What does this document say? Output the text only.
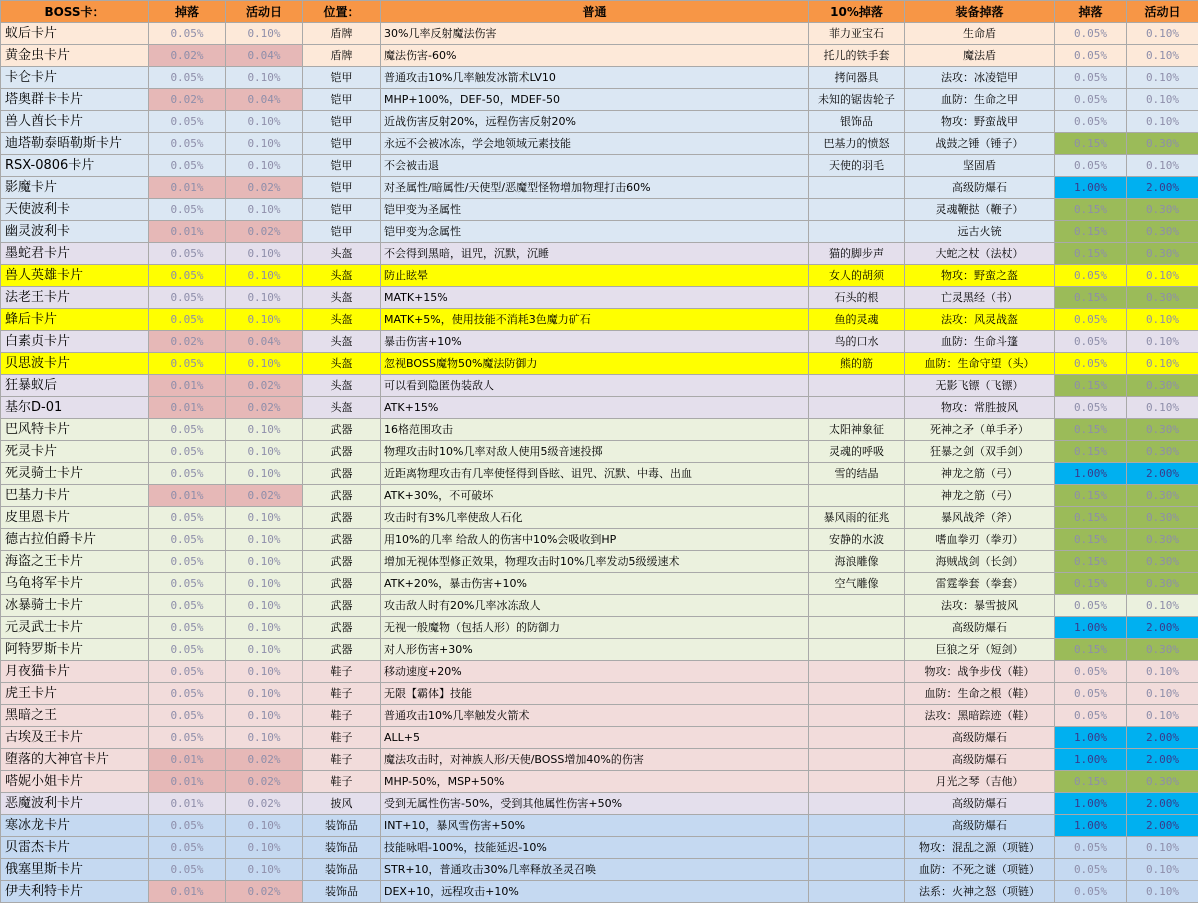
BOSS卡：	掉落	活动日	位置：	普通	10%掉落	装备掉落	掉落	活动日
蚁后卡片	0.05%	0.10%	盾牌	30%几率反射魔法伤害	菲力亚宝石	生命盾	0.05%	0.10%
黄金虫卡片	0.02%	0.04%	盾牌	魔法伤害-60%	托儿的铁手套	魔法盾	0.05%	0.10%
卡仑卡片	0.05%	0.10%	铠甲	普通攻击10%几率触发冰箭术LV10	拷问器具	法攻：冰凌铠甲	0.05%	0.10%
塔奥群卡卡片	0.02%	0.04%	铠甲	MHP+100%，DEF-50，MDEF-50	未知的锯齿轮子	血防：生命之甲	0.05%	0.10%
兽人酋长卡片	0.05%	0.10%	铠甲	近战伤害反射20%，远程伤害反射20%	银饰品	物攻：野蛮战甲	0.05%	0.10%
迪塔勒泰晤勒斯卡片	0.05%	0.10%	铠甲	永远不会被冰冻，学会地领域元素技能	巴基力的愤怒	战鼓之锤（锤子）	0.15%	0.30%
RSX-0806卡片	0.05%	0.10%	铠甲	不会被击退	天使的羽毛	坚固盾	0.05%	0.10%
影魔卡片	0.01%	0.02%	铠甲	对圣属性/暗属性/天使型/恶魔型怪物增加物理打击60%		高级防爆石	1.00%	2.00%
天使波利卡	0.05%	0.10%	铠甲	铠甲变为圣属性		灵魂鞭挞（鞭子）	0.15%	0.30%
幽灵波利卡	0.01%	0.02%	铠甲	铠甲变为念属性		远古火铳	0.15%	0.30%
墨蛇君卡片	0.05%	0.10%	头盔	不会得到黑暗，诅咒，沉默，沉睡	猫的脚步声	大蛇之杖（法杖）	0.15%	0.30%
兽人英雄卡片	0.05%	0.10%	头盔	防止眩晕	女人的胡须	物攻：野蛮之盔	0.05%	0.10%
法老王卡片	0.05%	0.10%	头盔	MATK+15%	石头的根	亡灵黑经（书）	0.15%	0.30%
蜂后卡片	0.05%	0.10%	头盔	MATK+5%，使用技能不消耗3色魔力矿石	鱼的灵魂	法攻：风灵战盔	0.05%	0.10%
白素贞卡片	0.02%	0.04%	头盔	暴击伤害+10%	鸟的口水	血防：生命斗篷	0.05%	0.10%
贝思波卡片	0.05%	0.10%	头盔	忽视BOSS魔物50%魔法防御力	熊的筋	血防：生命守望（头）	0.05%	0.10%
狂暴蚁后	0.01%	0.02%	头盔	可以看到隐匿伪装敌人		无影飞镖（飞镖）	0.15%	0.30%
基尔D-01	0.01%	0.02%	头盔	ATK+15%		物攻：常胜披风	0.05%	0.10%
巴风特卡片	0.05%	0.10%	武器	16格范围攻击	太阳神象征	死神之矛（单手矛）	0.15%	0.30%
死灵卡片	0.05%	0.10%	武器	物理攻击时10%几率对敌人使用5级音速投掷	灵魂的呼吸	狂暴之剑（双手剑）	0.15%	0.30%
死灵骑士卡片	0.05%	0.10%	武器	近距离物理攻击有几率使怪得到昏眩、诅咒、沉默、中毒、出血	雪的结晶	神龙之筋（弓）	1.00%	2.00%
巴基力卡片	0.01%	0.02%	武器	ATK+30%，不可破坏		神龙之筋（弓）	0.15%	0.30%
皮里恩卡片	0.05%	0.10%	武器	攻击时有3%几率使敌人石化	暴风雨的征兆	暴风战斧（斧）	0.15%	0.30%
德古拉伯爵卡片	0.05%	0.10%	武器	用10%的几率 给敌人的伤害中10%会吸收到HP	安静的水波	嗜血拳刃（拳刃）	0.15%	0.30%
海盗之王卡片	0.05%	0.10%	武器	增加无视体型修正效果，物理攻击时10%几率发动5级缓速术	海浪雕像	海贼战剑（长剑）	0.15%	0.30%
乌龟将军卡片	0.05%	0.10%	武器	ATK+20%，暴击伤害+10%	空气雕像	雷霆拳套（拳套）	0.15%	0.30%
冰暴骑士卡片	0.05%	0.10%	武器	攻击敌人时有20%几率冰冻敌人		法攻：暴雪披风	0.05%	0.10%
元灵武士卡片	0.05%	0.10%	武器	无视一般魔物（包括人形）的防御力		高级防爆石	1.00%	2.00%
阿特罗斯卡片	0.05%	0.10%	武器	对人形伤害+30%		巨狼之牙（短剑）	0.15%	0.30%
月夜猫卡片	0.05%	0.10%	鞋子	移动速度+20%		物攻：战争步伐（鞋）	0.05%	0.10%
虎王卡片	0.05%	0.10%	鞋子	无限【霸体】技能		血防：生命之根（鞋）	0.05%	0.10%
黑暗之王	0.05%	0.10%	鞋子	普通攻击10%几率触发火箭术		法攻：黑暗踪迹（鞋）	0.05%	0.10%
古埃及王卡片	0.05%	0.10%	鞋子	ALL+5		高级防爆石	1.00%	2.00%
堕落的大神官卡片	0.01%	0.02%	鞋子	魔法攻击时，对神族人形/天使/BOSS增加40%的伤害		高级防爆石	1.00%	2.00%
嗒妮小姐卡片	0.01%	0.02%	鞋子	MHP-50%，MSP+50%		月光之琴（吉他）	0.15%	0.30%
恶魔波利卡片	0.01%	0.02%	披风	受到无属性伤害-50%，受到其他属性伤害+50%		高级防爆石	1.00%	2.00%
寒冰龙卡片	0.05%	0.10%	装饰品	INT+10，暴风雪伤害+50%		高级防爆石	1.00%	2.00%
贝雷杰卡片	0.05%	0.10%	装饰品	技能咏唱-100%，技能延迟-10%		物攻：混乱之源（项链）	0.05%	0.10%
俄塞里斯卡片	0.05%	0.10%	装饰品	STR+10，普通攻击30%几率释放圣灵召唤		血防：不死之谜（项链）	0.05%	0.10%
伊夫利特卡片	0.01%	0.02%	装饰品	DEX+10，远程攻击+10%		法系：火神之怒（项链）	0.05%	0.10%
